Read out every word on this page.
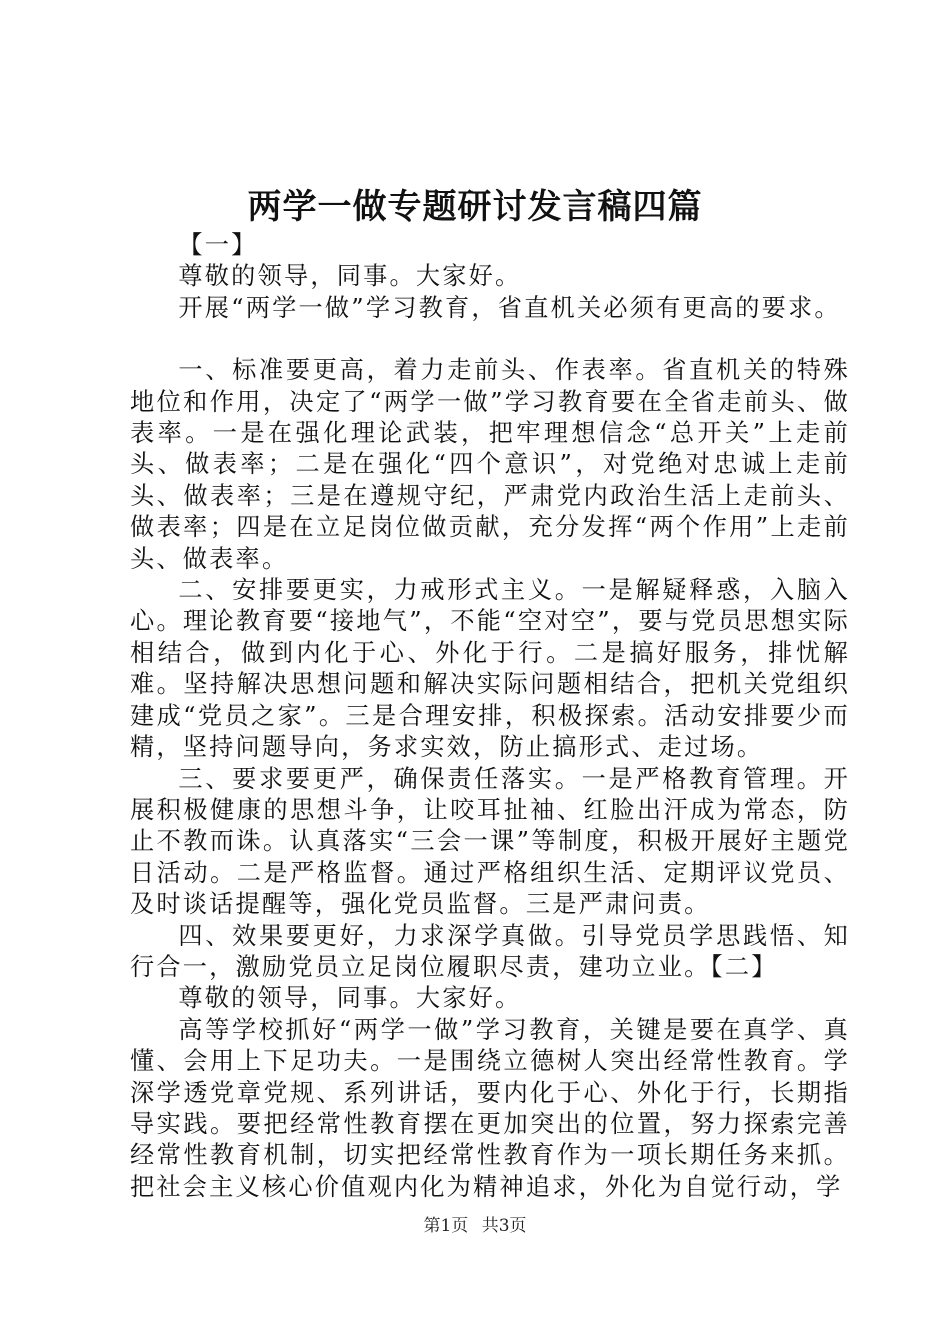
两学一做专题研讨发言稿四篇

【一】

尊敬的领导，同事。大家好。

开展“两学一做”学习教育，省直机关必须有更高的要求。

一、标准要更高，着力走前头、作表率。省直机关的特殊地位和作用，决定了“两学一做”学习教育要在全省走前头、做表率。一是在强化理论武装，把牢理想信念“总开关”上走前头、做表率；二是在强化“四个意识”，对党绝对忠诚上走前头、做表率；三是在遵规守纪，严肃党内政治生活上走前头、做表率；四是在立足岗位做贡献，充分发挥“两个作用”上走前头、做表率。

二、安排要更实，力戒形式主义。一是解疑释惑，入脑入心。理论教育要“接地气”，不能“空对空”，要与党员思想实际相结合，做到内化于心、外化于行。二是搞好服务，排忧解难。坚持解决思想问题和解决实际问题相结合，把机关党组织建成“党员之家”。三是合理安排，积极探索。活动安排要少而精，坚持问题导向，务求实效，防止搞形式、走过场。

三、要求要更严，确保责任落实。一是严格教育管理。开展积极健康的思想斗争，让咬耳扯袖、红脸出汗成为常态，防止不教而诛。认真落实“三会一课”等制度，积极开展好主题党日活动。二是严格监督。通过严格组织生活、定期评议党员、及时谈话提醒等，强化党员监督。三是严肃问责。

四、效果要更好，力求深学真做。引导党员学思践悟、知行合一，激励党员立足岗位履职尽责，建功立业。【二】

尊敬的领导，同事。大家好。

高等学校抓好“两学一做”学习教育，关键是要在真学、真懂、会用上下足功夫。一是围绕立德树人突出经常性教育。学深学透党章党规、系列讲话，要内化于心、外化于行，长期指导实践。要把经常性教育摆在更加突出的位置，努力探索完善经常性教育机制，切实把经常性教育作为一项长期任务来抓。把社会主义核心价值观内化为精神追求，外化为自觉行动，学

第1页 共3页
